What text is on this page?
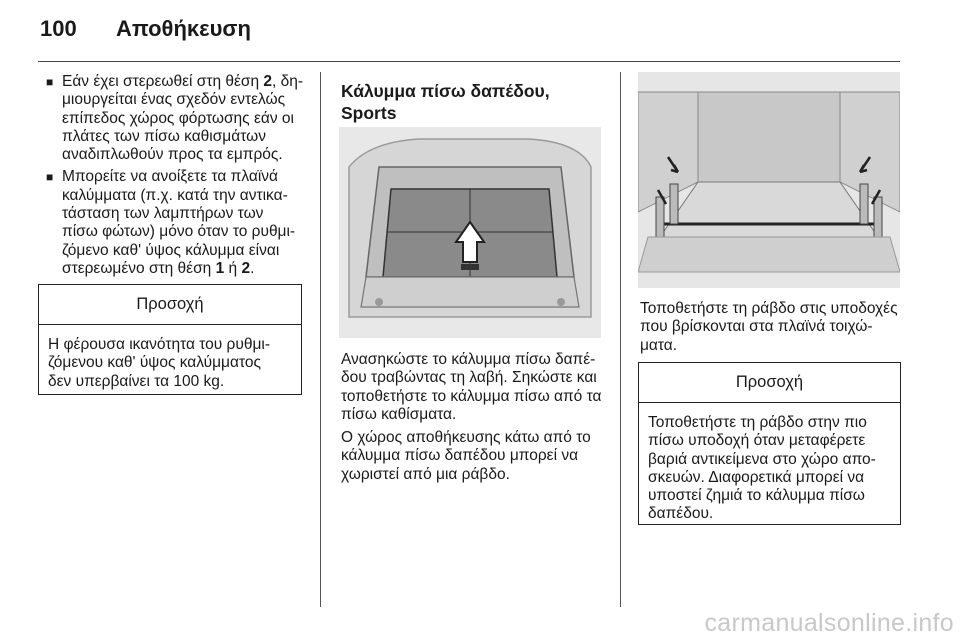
100 Αποθήκευση
■ Εάν έχει στερεωθεί στη θέση 2, δη-
μιουργείται ένας σχεδόν εντελώς
επίπεδος χώρος φόρτωσης εάν οι
πλάτες των πίσω καθισμάτων
αναδιπλωθούν προς τα εμπρός.
■ Μπορείτε να ανοίξετε τα πλαϊνά
καλύμματα (π.χ. κατά την αντικα-
τάσταση των λαμπτήρων των
πίσω φώτων) μόνο όταν το ρυθμι-
ζόμενο καθ' ύψος κάλυμμα είναι
στερεωμένο στη θέση 1 ή 2.
Προσοχή
Η φέρουσα ικανότητα του ρυθμι-
ζόμενου καθ' ύψος καλύμματος
δεν υπερβαίνει τα 100 kg.
Κάλυμμα πίσω δαπέδου, Sports
Ανασηκώστε το κάλυμμα πίσω δαπέ-
δου τραβώντας τη λαβή. Σηκώστε και
τοποθετήστε το κάλυμμα πίσω από τα
πίσω καθίσματα.
Ο χώρος αποθήκευσης κάτω από το
κάλυμμα πίσω δαπέδου μπορεί να
χωριστεί από μια ράβδο.
Τοποθετήστε τη ράβδο στις υποδοχές
που βρίσκονται στα πλαϊνά τοιχώ-
ματα.
Προσοχή
Τοποθετήστε τη ράβδο στην πιο
πίσω υποδοχή όταν μεταφέρετε
βαριά αντικείμενα στο χώρο απο-
σκευών. Διαφορετικά μπορεί να
υποστεί ζημιά το κάλυμμα πίσω
δαπέδου.
carmanualsonline.info
